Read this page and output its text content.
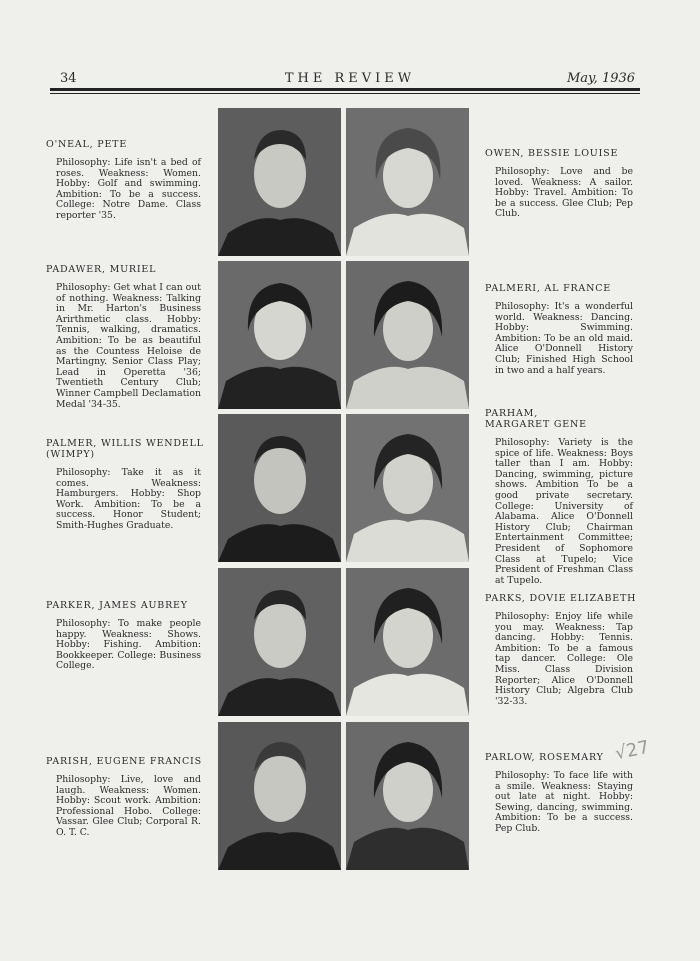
34	THE REVIEW	May, 1936
O'NEAL, PETE
Philosophy: Life isn't a bed of roses. Weakness: Women. Hobby: Golf and swimming. Ambition: To be a success. College: Notre Dame. Class reporter '35.
PADAWER, MURIEL
Philosophy: Get what I can out of nothing. Weakness: Talking in Mr. Harton's Business Arirthmetic class. Hobby: Tennis, walking, dramatics. Ambition: To be as beautiful as the Countess Heloise de Martingny. Senior Class Play; Lead in Operetta '36; Twentieth Century Club; Winner Campbell Declamation Medal '34-35.
PALMER, WILLIS WENDELL (WIMPY)
Philosophy: Take it as it comes. Weakness: Hamburgers. Hobby: Shop Work. Ambition: To be a success. Honor Student; Smith-Hughes Graduate.
PARKER, JAMES AUBREY
Philosophy: To make people happy. Weakness: Shows. Hobby: Fishing. Ambition: Bookkeeper. College: Business College.
PARISH, EUGENE FRANCIS
Philosophy: Live, love and laugh. Weakness: Women. Hobby: Scout work. Ambition: Professional Hobo. College: Vassar. Glee Club; Corporal R. O. T. C.
OWEN, BESSIE LOUISE
Philosophy: Love and be loved. Weakness: A sailor. Hobby: Travel. Ambition: To be a success. Glee Club; Pep Club.
PALMERI, AL FRANCE
Philosophy: It's a wonderful world. Weakness: Dancing. Hobby: Swimming. Ambition: To be an old maid. Alice O'Donnell History Club; Finished High School in two and a half years.
PARHAM, MARGARET GENE
Philosophy: Variety is the spice of life. Weakness: Boys taller than I am. Hobby: Dancing, swimming, picture shows. Ambition To be a good private secretary. College: University of Alabama. Alice O'Donnell History Club; Chairman Entertainment Committee; President of Sophomore Class at Tupelo; Vice President of Freshman Class at Tupelo.
PARKS, DOVIE ELIZABETH
Philosophy: Enjoy life while you may. Weakness: Tap dancing. Hobby: Tennis. Ambition: To be a famous tap dancer. College: Ole Miss. Class Division Reporter; Alice O'Donnell History Club; Algebra Club '32-33.
PARLOW, ROSEMARY
Philosophy: To face life with a smile. Weakness: Staying out late at night. Hobby: Sewing, dancing, swimming. Ambition: To be a success. Pep Club.
√27
